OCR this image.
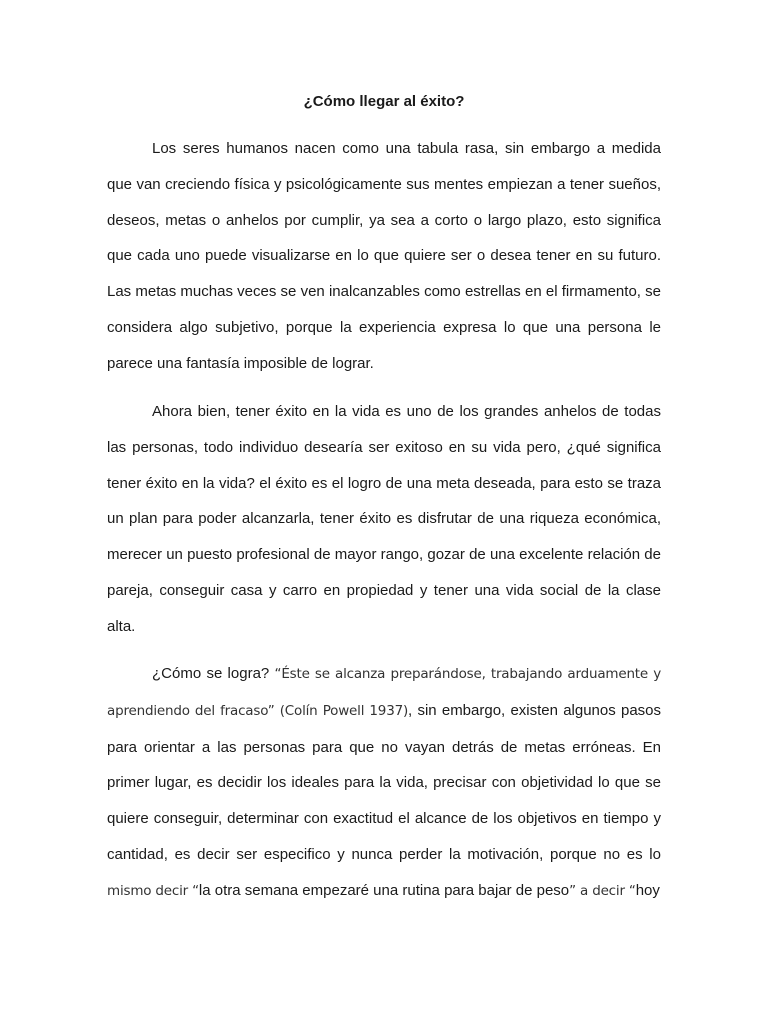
¿Cómo llegar al éxito?

Los seres humanos nacen como una tabula rasa, sin embargo a medida que van creciendo física y psicológicamente sus mentes empiezan a tener sueños, deseos, metas o anhelos por cumplir, ya sea a corto o largo plazo, esto significa que cada uno puede visualizarse en lo que quiere ser o desea tener en su futuro. Las metas muchas veces se ven inalcanzables como estrellas en el firmamento, se considera algo subjetivo, porque la experiencia expresa lo que una persona le parece una fantasía imposible de lograr.

Ahora bien, tener éxito en la vida es uno de los grandes anhelos de todas las personas, todo individuo desearía ser exitoso en su vida pero, ¿qué significa tener éxito en la vida? el éxito es el logro de una meta deseada, para esto se traza un plan para poder alcanzarla, tener éxito es disfrutar de una riqueza económica, merecer un puesto profesional de mayor rango, gozar de una excelente relación de pareja, conseguir casa y carro en propiedad y tener una vida social de la clase alta.

¿Cómo se logra? “Éste se alcanza preparándose, trabajando arduamente y aprendiendo del fracaso” (Colín Powell 1937), sin embargo, existen algunos pasos para orientar a las personas para que no vayan detrás de metas erróneas. En primer lugar, es decidir los ideales para la vida, precisar con objetividad lo que se quiere conseguir, determinar con exactitud el alcance de los objetivos en tiempo y cantidad, es decir ser especifico y nunca perder la motivación, porque no es lo mismo decir “la otra semana empezaré una rutina para bajar de peso” a decir “hoy
